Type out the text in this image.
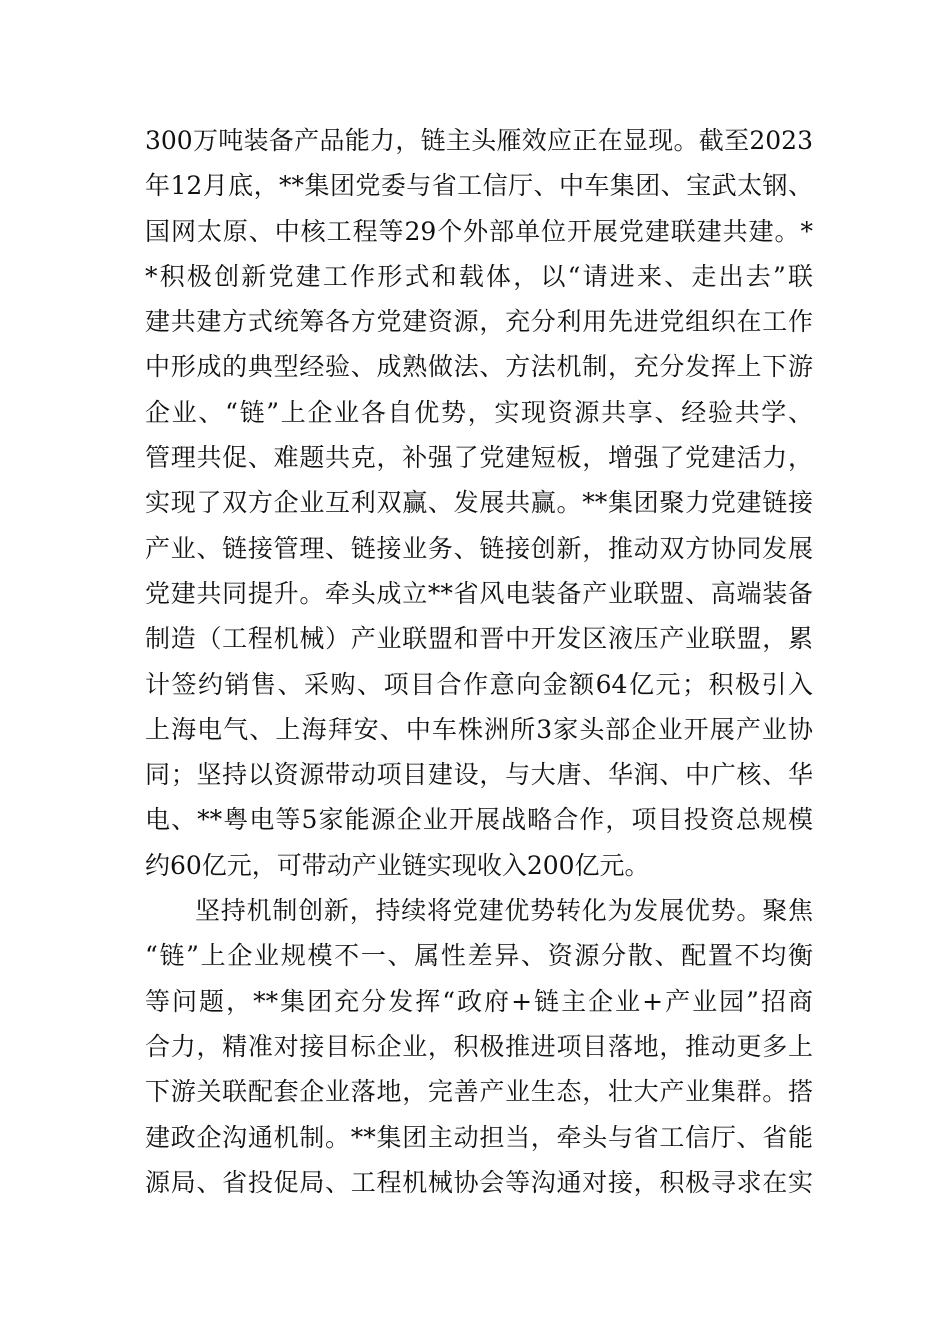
300万吨装备产品能力，链主头雁效应正在显现。截至2023
年12月底，**集团党委与省工信厅、中车集团、宝武太钢、
国网太原、中核工程等29个外部单位开展党建联建共建。*
*积极创新党建工作形式和载体，以“请进来、走出去”联
建共建方式统筹各方党建资源，充分利用先进党组织在工作
中形成的典型经验、成熟做法、方法机制，充分发挥上下游
企业、“链”上企业各自优势，实现资源共享、经验共学、
管理共促、难题共克，补强了党建短板，增强了党建活力，
实现了双方企业互利双赢、发展共赢。**集团聚力党建链接
产业、链接管理、链接业务、链接创新，推动双方协同发展
党建共同提升。牵头成立**省风电装备产业联盟、高端装备
制造（工程机械）产业联盟和晋中开发区液压产业联盟，累
计签约销售、采购、项目合作意向金额64亿元；积极引入
上海电气、上海拜安、中车株洲所3家头部企业开展产业协
同；坚持以资源带动项目建设，与大唐、华润、中广核、华
电、**粤电等5家能源企业开展战略合作，项目投资总规模
约60亿元，可带动产业链实现收入200亿元。
坚持机制创新，持续将党建优势转化为发展优势。聚焦
“链”上企业规模不一、属性差异、资源分散、配置不均衡
等问题，**集团充分发挥“政府+链主企业+产业园”招商
合力，精准对接目标企业，积极推进项目落地，推动更多上
下游关联配套企业落地，完善产业生态，壮大产业集群。搭
建政企沟通机制。**集团主动担当，牵头与省工信厅、省能
源局、省投促局、工程机械协会等沟通对接，积极寻求在实
